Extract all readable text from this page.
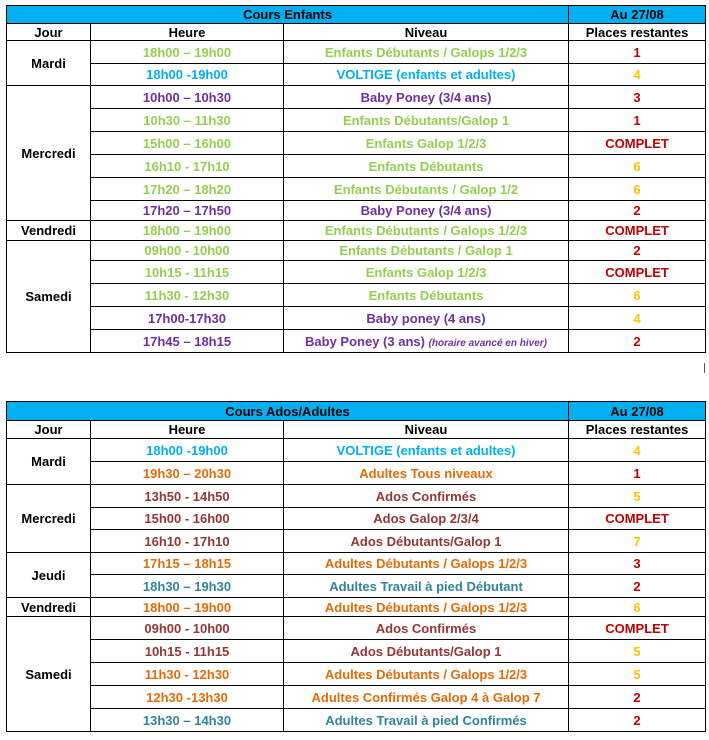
Cours Enfants			Au 27/08
Jour	Heure	Niveau	Places restantes
Mardi	18h00 – 19h00	Enfants Débutants / Galops 1/2/3	1
	18h00 -19h00	VOLTIGE (enfants et adultes)	4
Mercredi	10h00 – 10h30	Baby Poney (3/4 ans)	3
	10h30 – 11h30	Enfants Débutants/Galop 1	1
	15h00 – 16h00	Enfants Galop 1/2/3	COMPLET
	16h10 - 17h10	Enfants Débutants	6
	17h20 – 18h20	Enfants Débutants / Galop 1/2	6
	17h20 – 17h50	Baby Poney (3/4 ans)	2
Vendredi	18h00 – 19h00	Enfants Débutants / Galops 1/2/3	COMPLET
Samedi	09h00 - 10h00	Enfants Débutants / Galop 1	2
	10h15 - 11h15	Enfants Galop 1/2/3	COMPLET
	11h30 - 12h30	Enfants Débutants	6
	17h00-17h30	Baby poney (4 ans)	4
	17h45 – 18h15	Baby Poney (3 ans) (horaire avancé en hiver)	2
Cours Ados/Adultes			Au 27/08
Jour	Heure	Niveau	Places restantes
Mardi	18h00 -19h00	VOLTIGE (enfants et adultes)	4
	19h30 – 20h30	Adultes Tous niveaux	1
Mercredi	13h50 - 14h50	Ados Confirmés	5
	15h00 - 16h00	Ados Galop 2/3/4	COMPLET
	16h10 - 17h10	Ados Débutants/Galop 1	7
Jeudi	17h15 – 18h15	Adultes Débutants / Galops 1/2/3	3
	18h30 – 19h30	Adultes Travail à pied Débutant	2
Vendredi	18h00 – 19h00	Adultes Débutants / Galops 1/2/3	6
Samedi	09h00 - 10h00	Ados Confirmés	COMPLET
	10h15 - 11h15	Ados Débutants/Galop 1	5
	11h30 - 12h30	Adultes Débutants / Galops 1/2/3	5
	12h30 -13h30	Adultes Confirmés Galop 4 à Galop 7	2
	13h30 – 14h30	Adultes Travail à pied Confirmés	2
